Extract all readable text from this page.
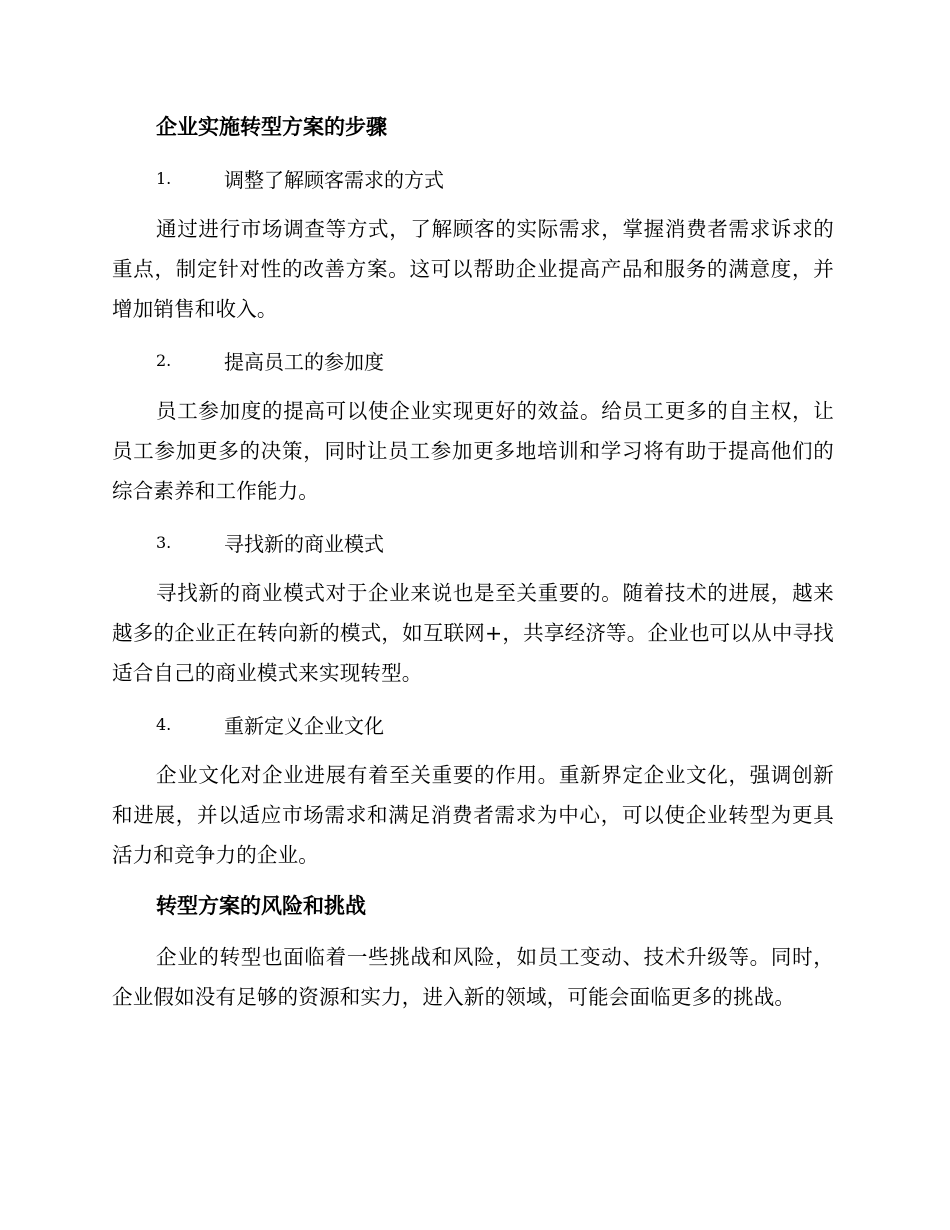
企业实施转型方案的步骤
1.	调整了解顾客需求的方式

通过进行市场调查等方式，了解顾客的实际需求，掌握消费者需求诉求的重点，制定针对性的改善方案。这可以帮助企业提高产品和服务的满意度，并增加销售和收入。

2.	提高员工的参加度

员工参加度的提高可以使企业实现更好的效益。给员工更多的自主权，让员工参加更多的决策，同时让员工参加更多地培训和学习将有助于提高他们的综合素养和工作能力。

3.	寻找新的商业模式

寻找新的商业模式对于企业来说也是至关重要的。随着技术的进展，越来越多的企业正在转向新的模式，如互联网+，共享经济等。企业也可以从中寻找适合自己的商业模式来实现转型。

4.	重新定义企业文化

企业文化对企业进展有着至关重要的作用。重新界定企业文化，强调创新和进展，并以适应市场需求和满足消费者需求为中心，可以使企业转型为更具活力和竞争力的企业。

转型方案的风险和挑战

企业的转型也面临着一些挑战和风险，如员工变动、技术升级等。同时，企业假如没有足够的资源和实力，进入新的领域，可能会面临更多的挑战。
